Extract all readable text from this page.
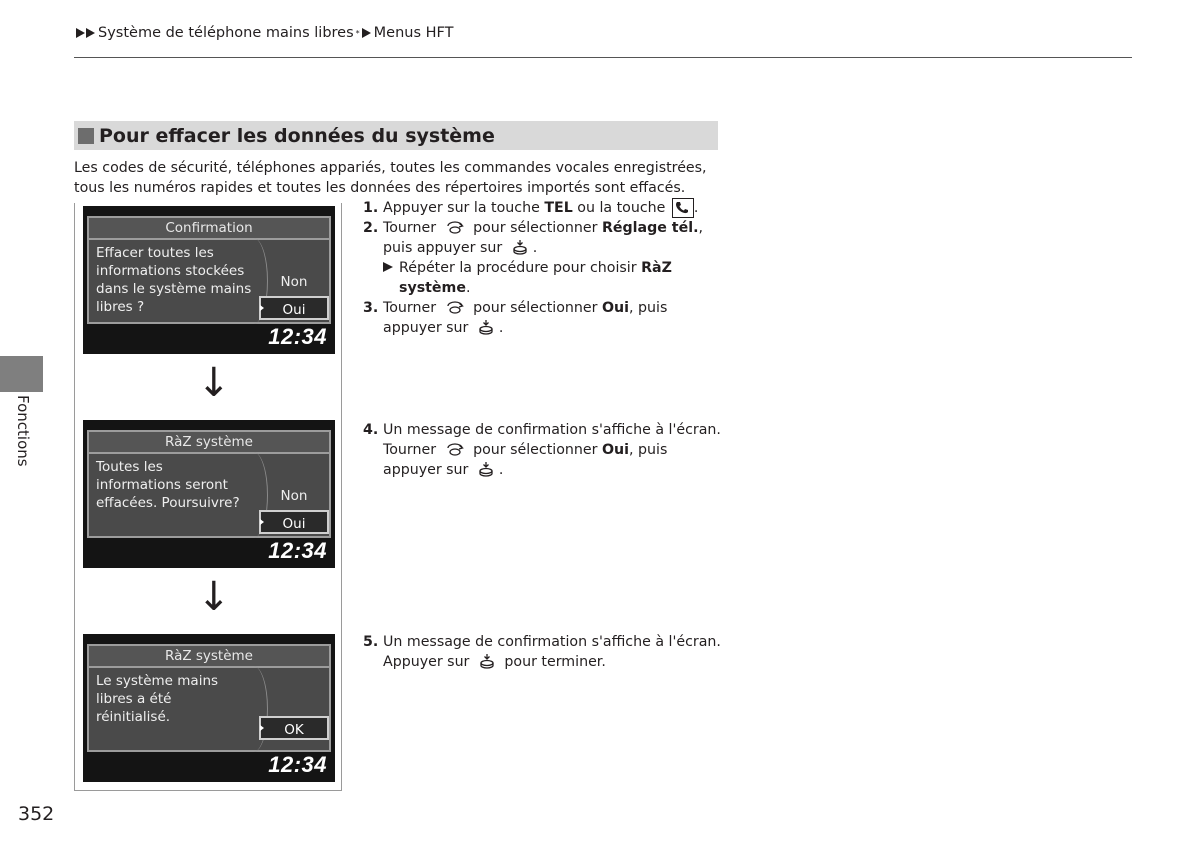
Système de téléphone mains libres * Menus HFT
Fonctions
Pour effacer les données du système
Les codes de sécurité, téléphones appariés, toutes les commandes vocales enregistrées, tous les numéros rapides et toutes les données des répertoires importés sont effacés.
Confirmation
Effacer toutes les
informations stockées
dans le système mains
libres ?
Non
Oui
12:34
↓
RàZ système
Toutes les
informations seront
effacées. Poursuivre?	Non
Oui
12:34
↓
RàZ système
Le système mains
libres a été
réinitialisé.
OK
12:34
1. Appuyer sur la touche TEL ou la touche .
2. Tourner  pour sélectionner Réglage tél., puis appuyer sur .
Répéter la procédure pour choisir RàZ système.
3. Tourner  pour sélectionner Oui, puis appuyer sur .
4. Un message de confirmation s'affiche à l'écran. Tourner  pour sélectionner Oui, puis appuyer sur .
5. Un message de confirmation s'affiche à l'écran. Appuyer sur  pour terminer.
352
